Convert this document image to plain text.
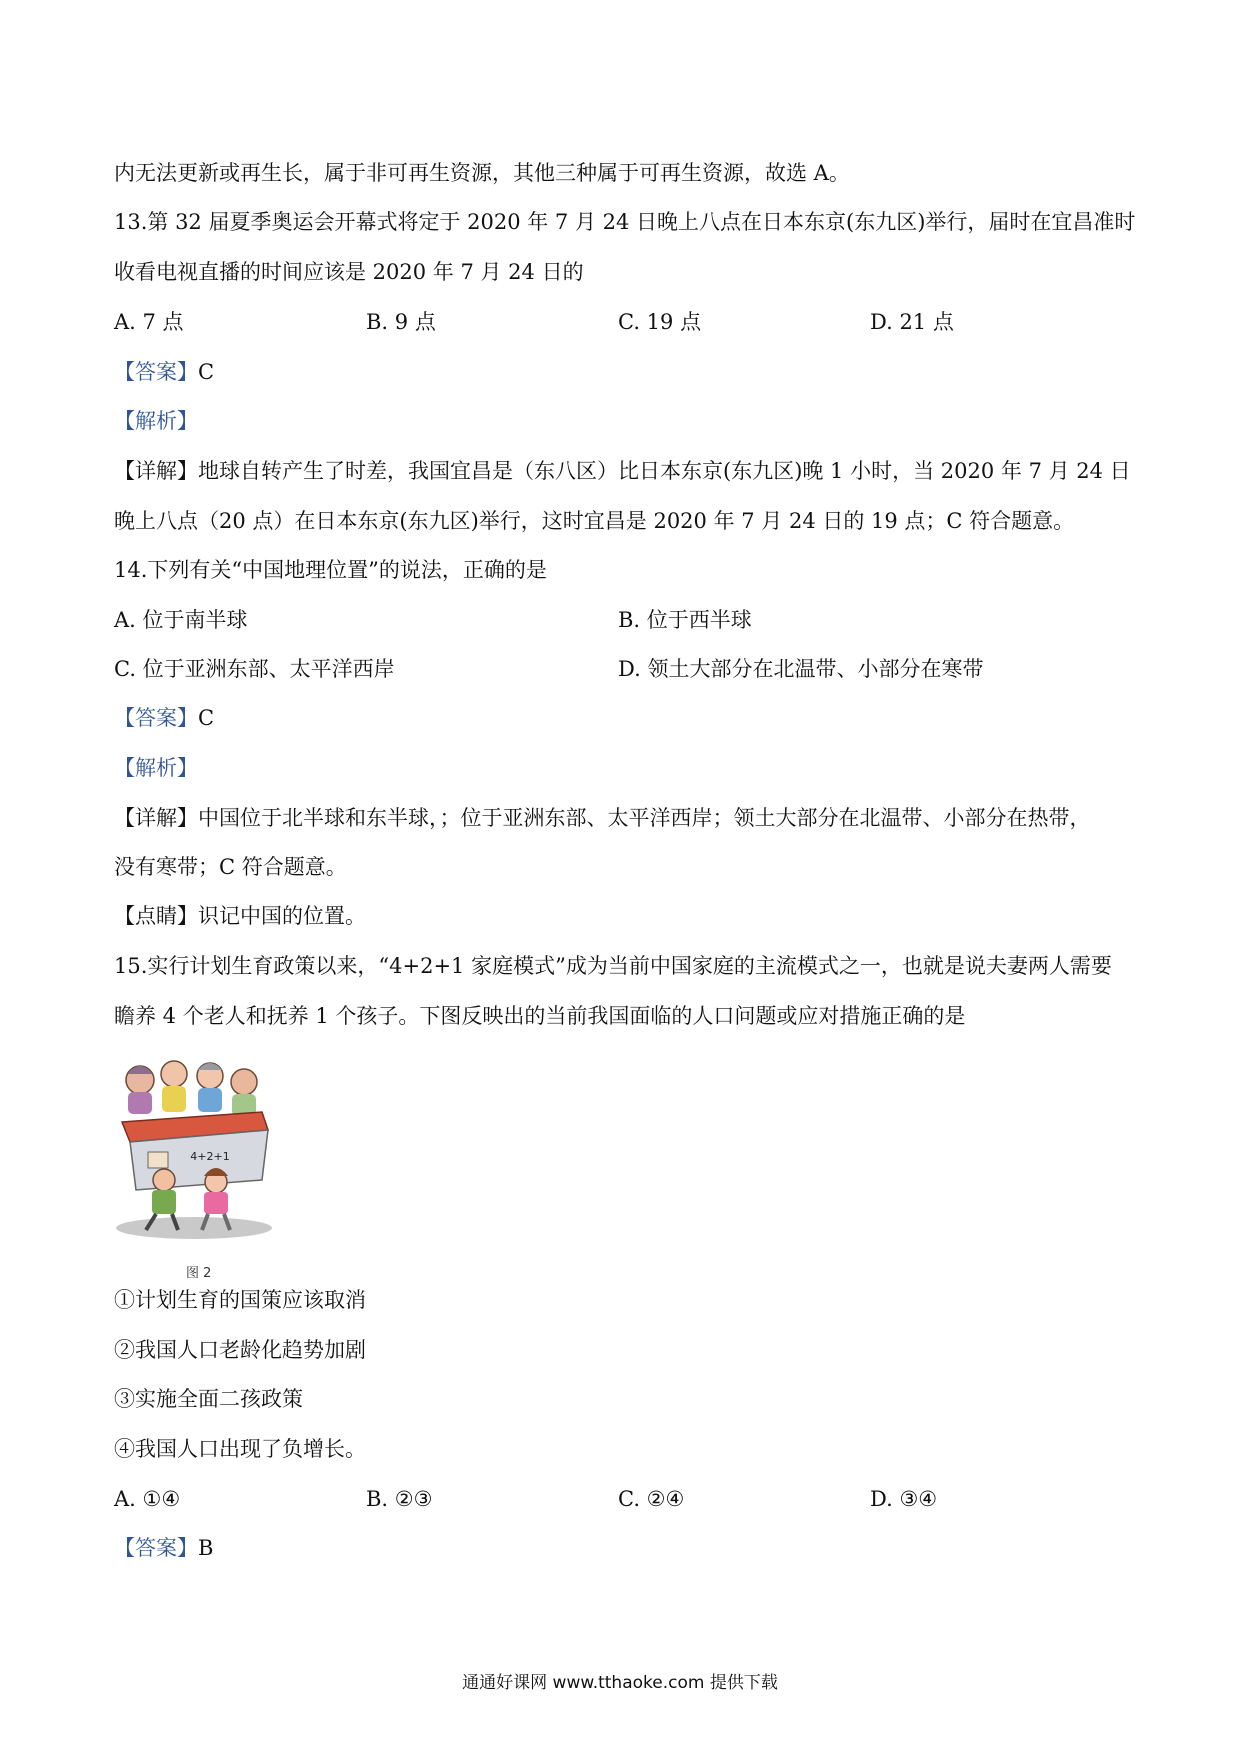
内无法更新或再生长，属于非可再生资源，其他三种属于可再生资源，故选 A。

13.第 32 届夏季奥运会开幕式将定于 2020 年 7 月 24 日晚上八点在日本东京(东九区)举行，届时在宜昌准时

收看电视直播的时间应该是 2020 年 7 月 24 日的

A. 7 点	B. 9 点	C. 19 点	D. 21 点

【答案】C

【解析】

【详解】地球自转产生了时差，我国宜昌是（东八区）比日本东京(东九区)晚 1 小时，当 2020 年 7 月 24 日

晚上八点（20 点）在日本东京(东九区)举行，这时宜昌是 2020 年 7 月 24 日的 19 点；C 符合题意。

14.下列有关“中国地理位置”的说法，正确的是

A. 位于南半球	B. 位于西半球

C. 位于亚洲东部、太平洋西岸	D. 领土大部分在北温带、小部分在寒带

【答案】C

【解析】

【详解】中国位于北半球和东半球，；位于亚洲东部、太平洋西岸；领土大部分在北温带、小部分在热带，

没有寒带；C 符合题意。

【点睛】识记中国的位置。

15.实行计划生育政策以来，“4+2+1 家庭模式”成为当前中国家庭的主流模式之一，也就是说夫妻两人需要

瞻养 4 个老人和抚养 1 个孩子。下图反映出的当前我国面临的人口问题或应对措施正确的是

4+2+1
图 2

①计划生育的国策应该取消

②我国人口老龄化趋势加剧

③实施全面二孩政策

④我国人口出现了负增长。

A. ①④	B. ②③	C. ②④	D. ③④

【答案】B

通通好课网 www.tthaoke.com 提供下载
